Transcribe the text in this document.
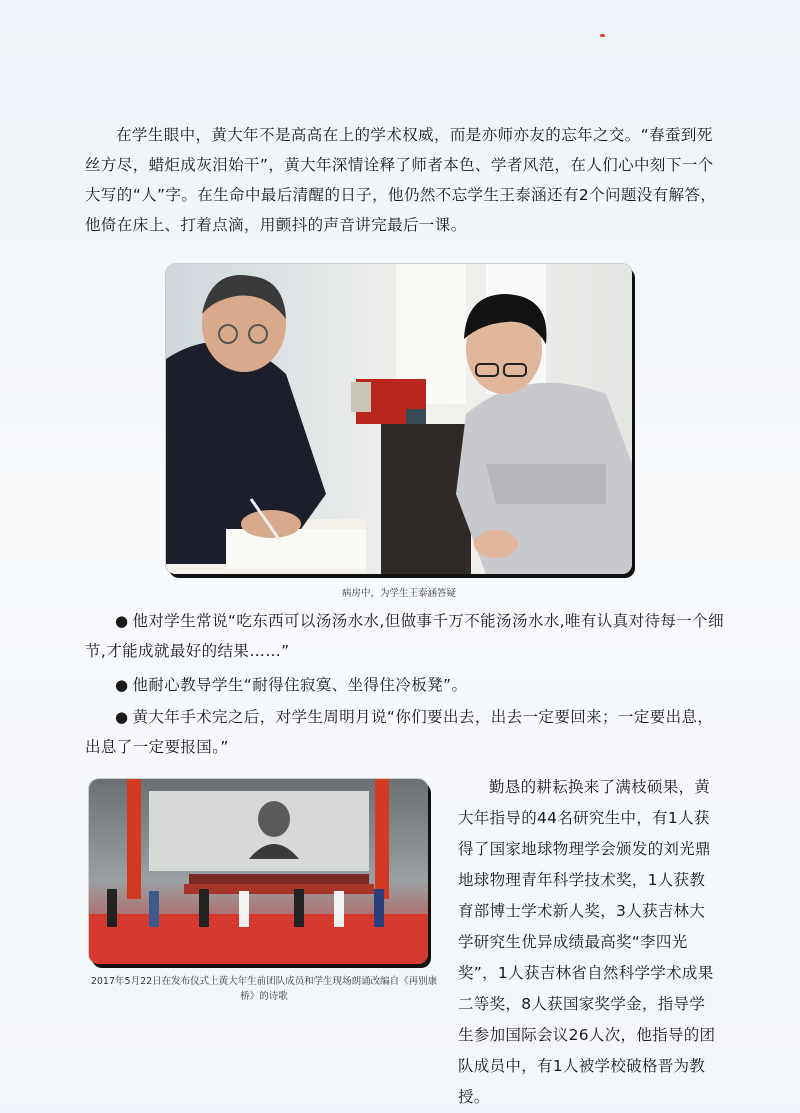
在学生眼中，黄大年不是高高在上的学术权威，而是亦师亦友的忘年之交。“春蚕到死丝方尽，蜡炬成灰泪始干”，黄大年深情诠释了师者本色、学者风范，在人们心中刻下一个大写的“人”字。在生命中最后清醒的日子，他仍然不忘学生王泰涵还有2个问题没有解答，他倚在床上、打着点滴，用颤抖的声音讲完最后一课。

病房中，为学生王泰涵答疑

● 他对学生常说“吃东西可以汤汤水水,但做事千万不能汤汤水水,唯有认真对待每一个细节,才能成就最好的结果……”

● 他耐心教导学生“耐得住寂寞、坐得住冷板凳”。

● 黄大年手术完之后，对学生周明月说“你们要出去，出去一定要回来；一定要出息，出息了一定要报国。”

2017年5月22日在发布仪式上黄大年生前团队成员和学生现场朗诵改编自《再别康桥》的诗歌

勤恳的耕耘换来了满枝硕果，黄大年指导的44名研究生中，有1人获得了国家地球物理学会颁发的刘光鼎地球物理青年科学技术奖，1人获教育部博士学术新人奖，3人获吉林大学研究生优异成绩最高奖“李四光奖”，1人获吉林省自然科学学术成果二等奖，8人获国家奖学金，指导学生参加国际会议26人次，他指导的团队成员中，有1人被学校破格晋为教授。
